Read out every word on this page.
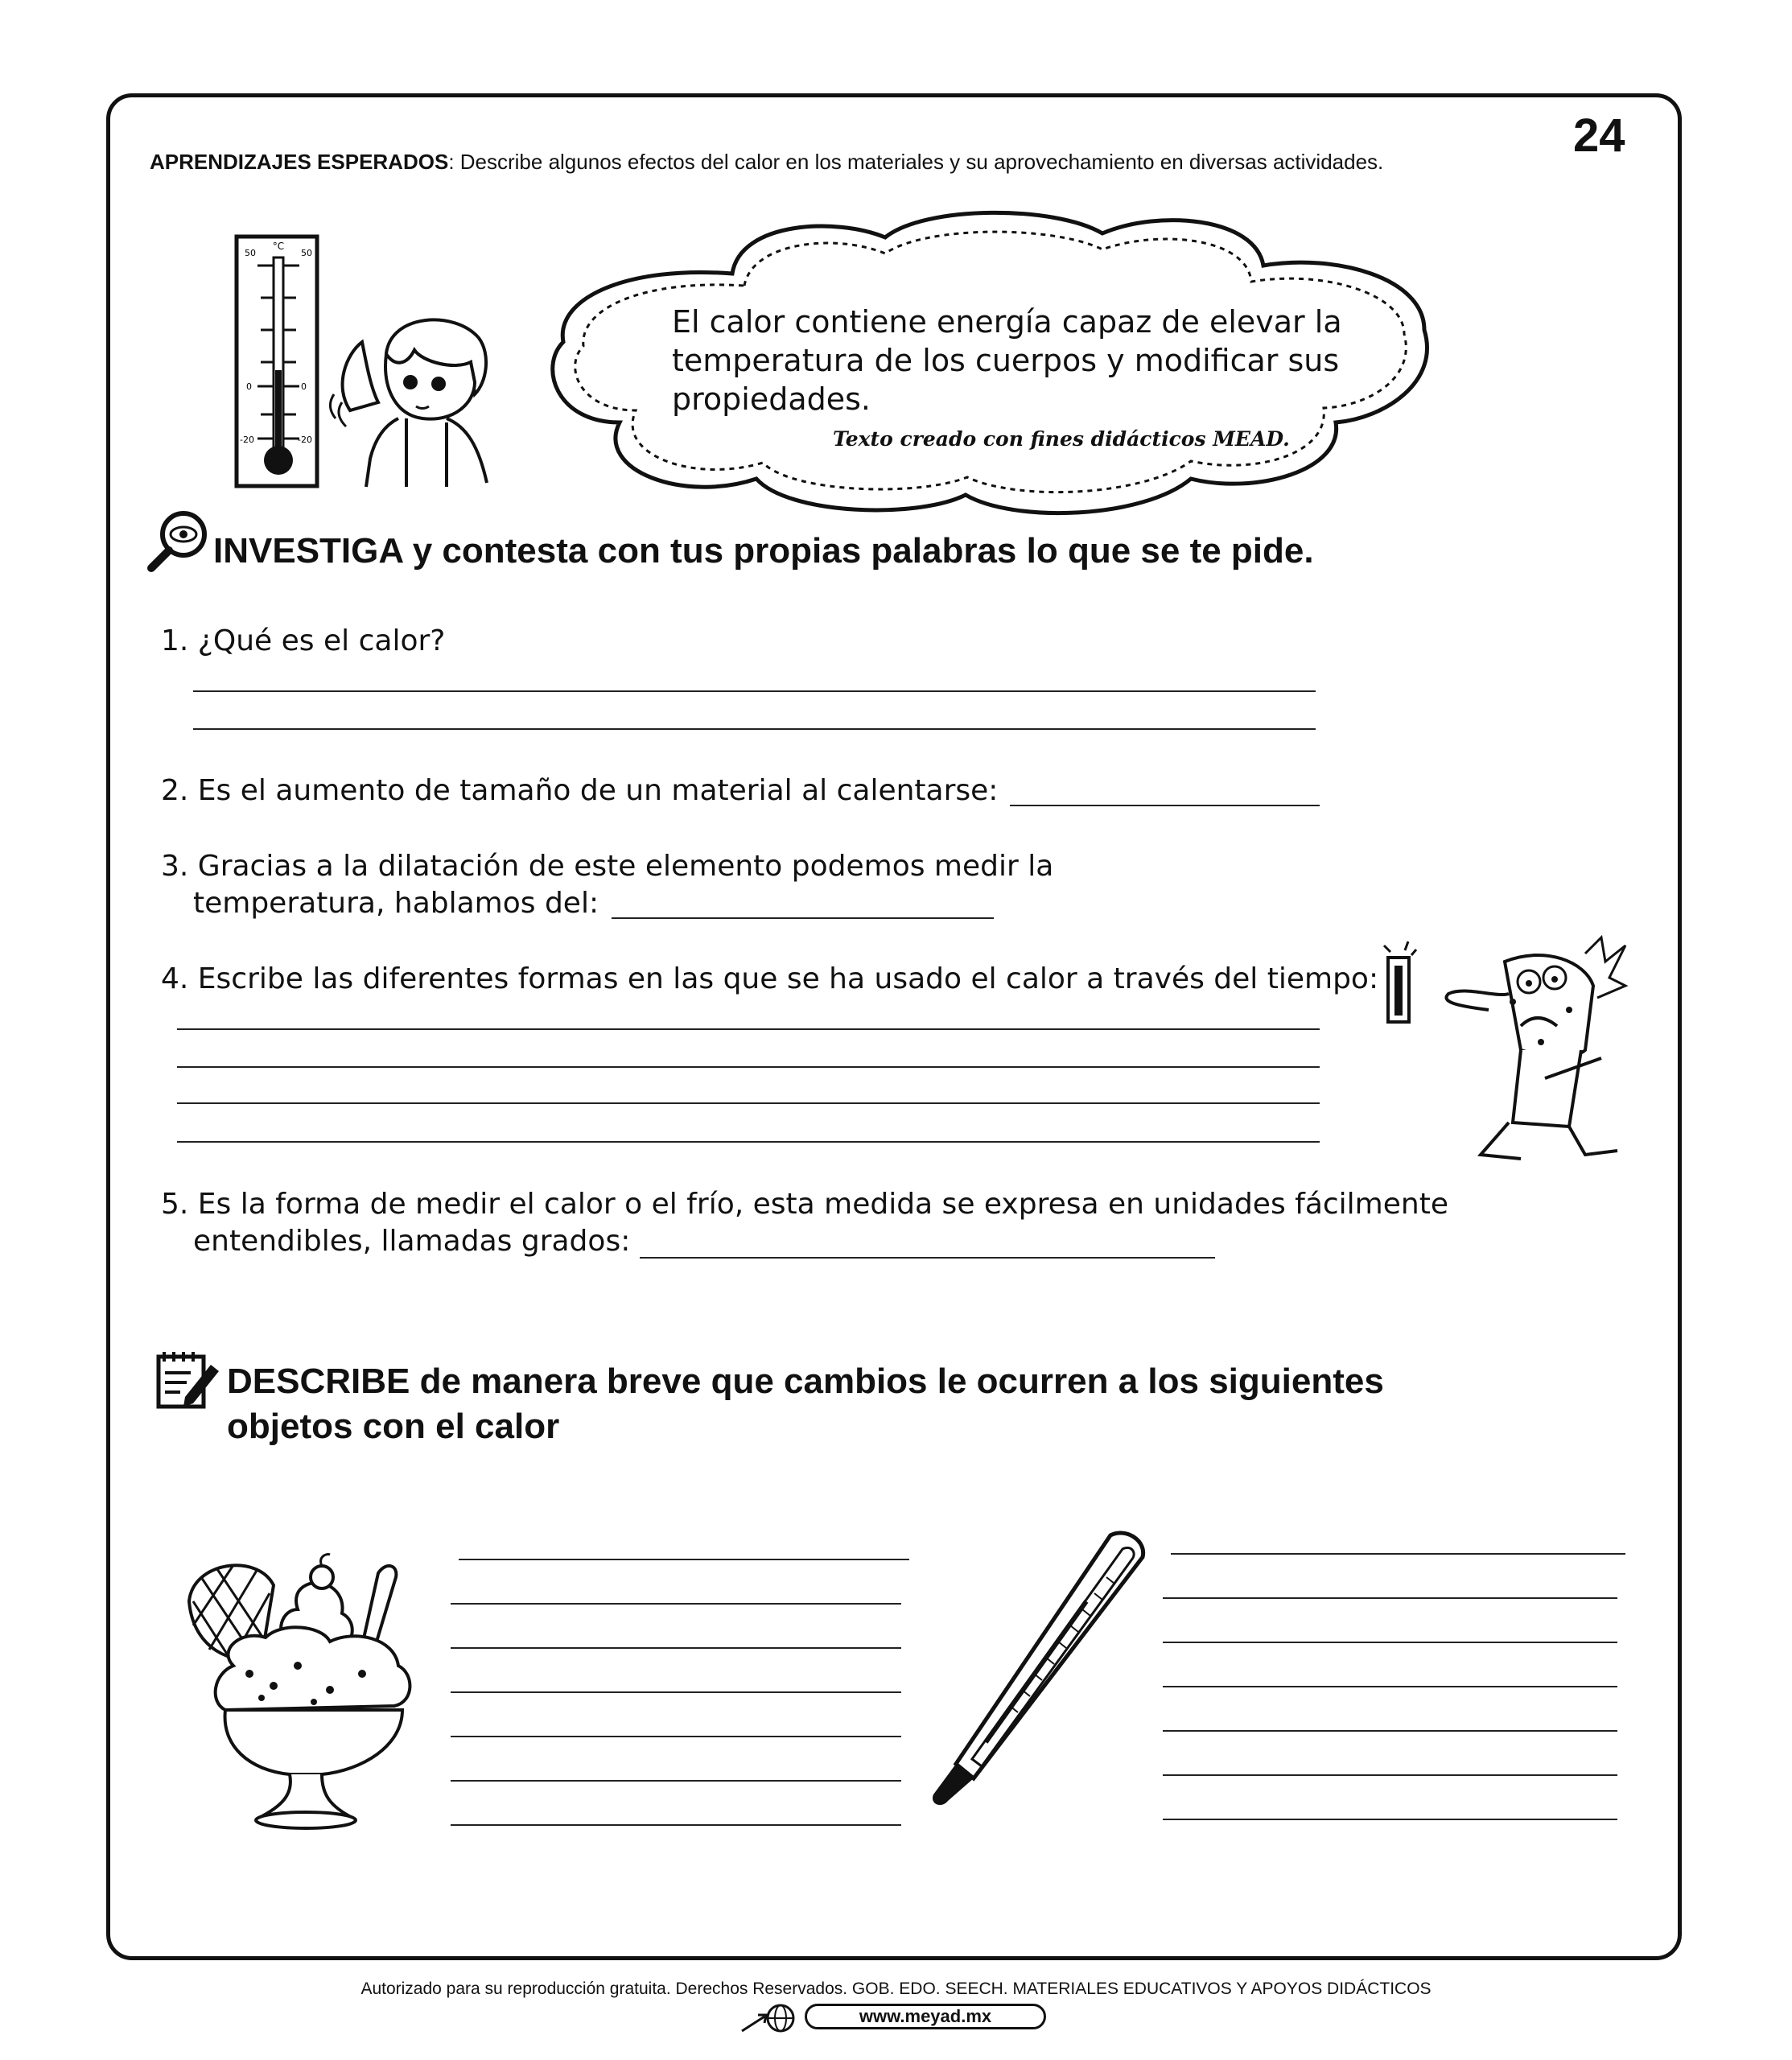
24
APRENDIZAJES ESPERADOS: Describe algunos efectos del calor en los materiales y su aprovechamiento en diversas actividades.
°C
50	50
0	0
-20	-20
El calor contiene energía capaz de elevar la temperatura de los cuerpos y modificar sus propiedades.
Texto creado con fines didácticos MEAD.
INVESTIGA y contesta con tus propias palabras lo que se te pide.
1. ¿Qué es el calor?
2. Es el aumento de tamaño de un material al calentarse:
3. Gracias a la dilatación de este elemento podemos medir la
temperatura, hablamos del:
4. Escribe las diferentes formas en las que se ha usado el calor a través del tiempo:
5. Es la forma de medir el calor o el frío, esta medida se expresa en unidades fácilmente
entendibles, llamadas grados:
DESCRIBE de manera breve que cambios le ocurren a los siguientes
objetos con el calor
Autorizado para su reproducción gratuita. Derechos Reservados. GOB. EDO. SEECH. MATERIALES EDUCATIVOS Y APOYOS DIDÁCTICOS
www.meyad.mx
